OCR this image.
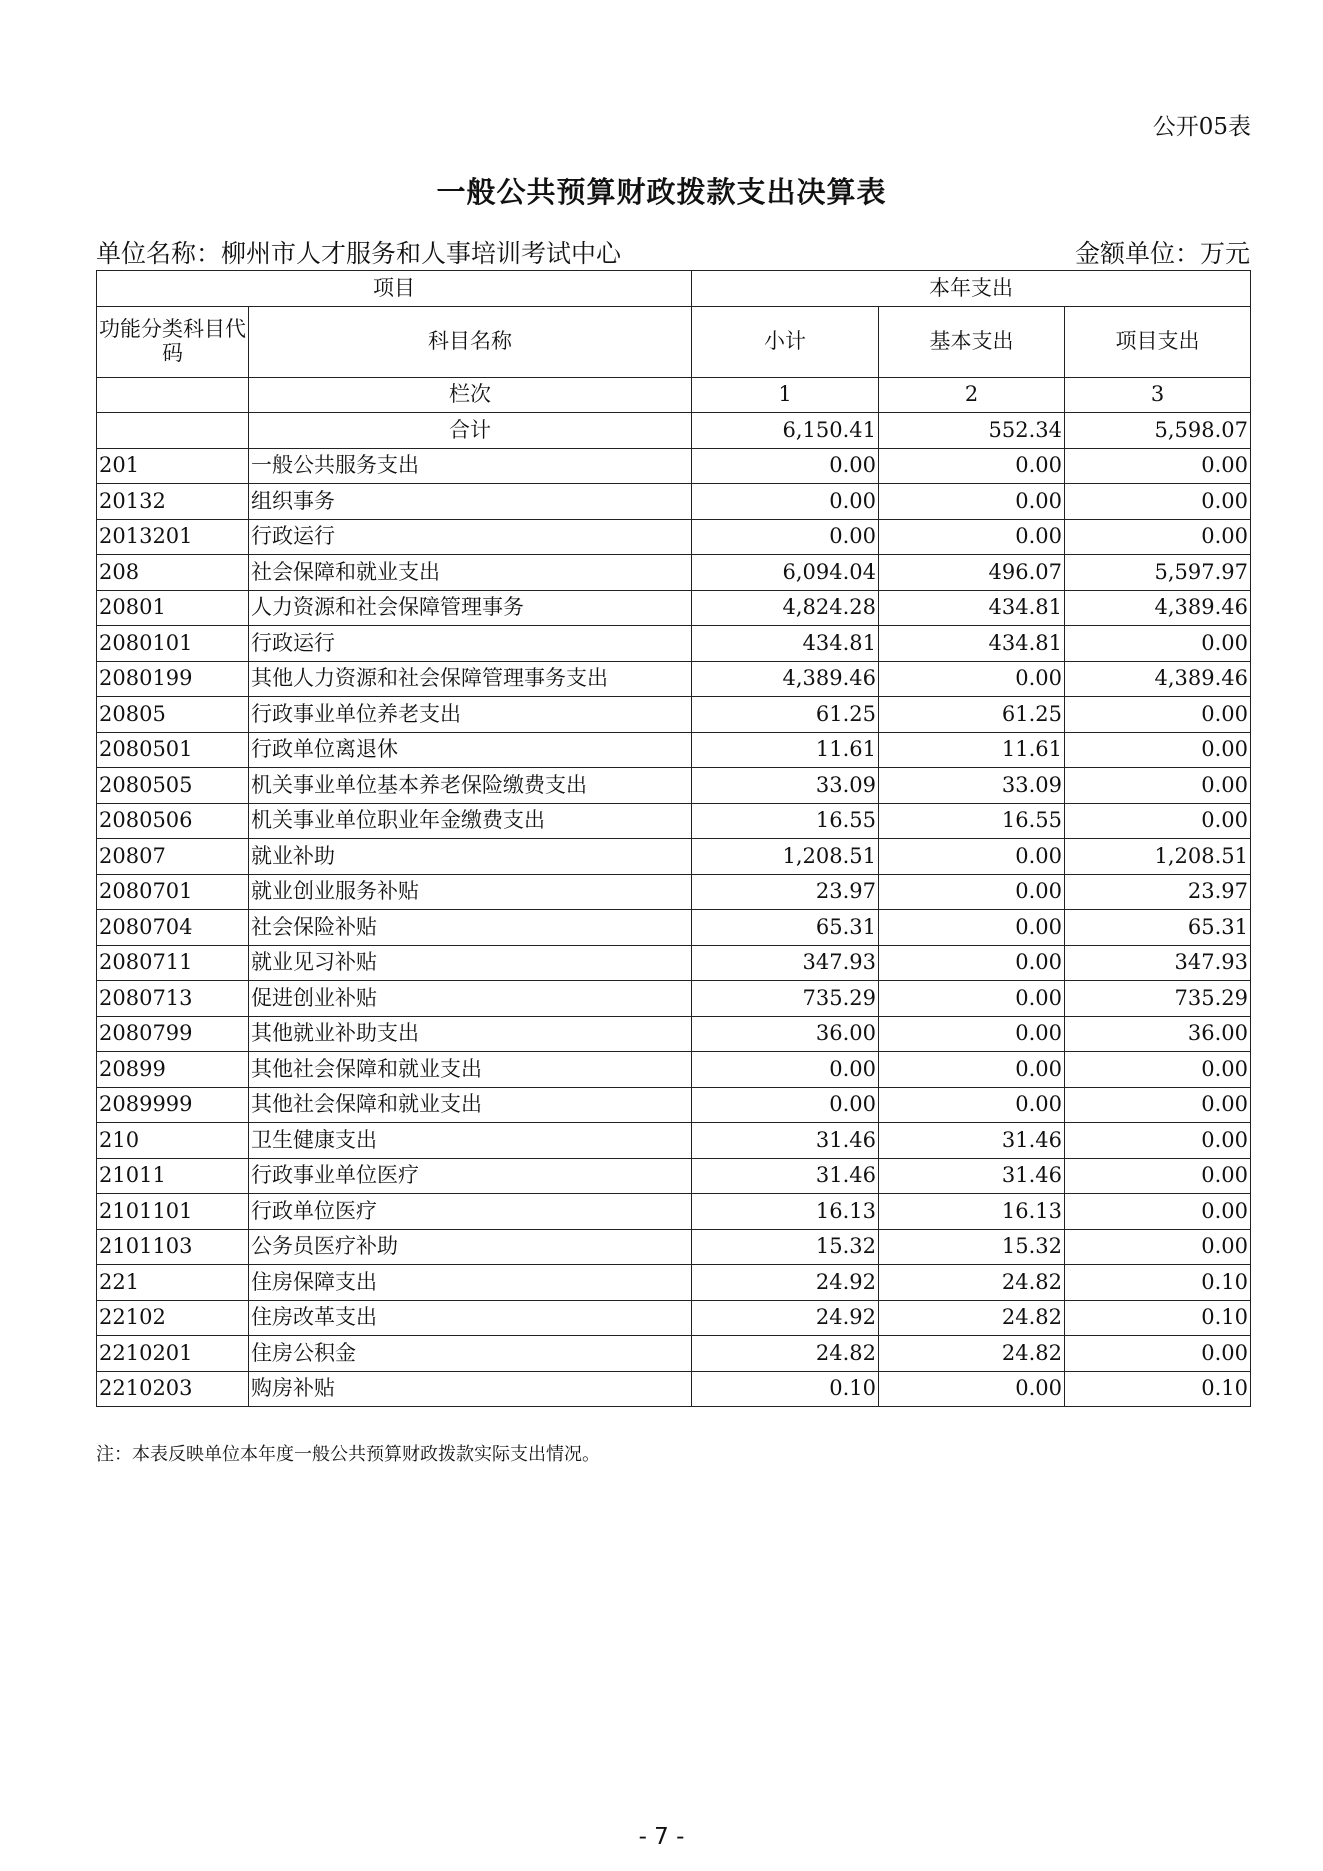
公开05表
一般公共预算财政拨款支出决算表
单位名称：柳州市人才服务和人事培训考试中心	金额单位：万元
项目		本年支出		
功能分类科目代码	科目名称	小计	基本支出	项目支出
	栏次	1	2	3
	合计	6,150.41	552.34	5,598.07
201	一般公共服务支出	0.00	0.00	0.00
20132	组织事务	0.00	0.00	0.00
2013201	行政运行	0.00	0.00	0.00
208	社会保障和就业支出	6,094.04	496.07	5,597.97
20801	人力资源和社会保障管理事务	4,824.28	434.81	4,389.46
2080101	行政运行	434.81	434.81	0.00
2080199	其他人力资源和社会保障管理事务支出	4,389.46	0.00	4,389.46
20805	行政事业单位养老支出	61.25	61.25	0.00
2080501	行政单位离退休	11.61	11.61	0.00
2080505	机关事业单位基本养老保险缴费支出	33.09	33.09	0.00
2080506	机关事业单位职业年金缴费支出	16.55	16.55	0.00
20807	就业补助	1,208.51	0.00	1,208.51
2080701	就业创业服务补贴	23.97	0.00	23.97
2080704	社会保险补贴	65.31	0.00	65.31
2080711	就业见习补贴	347.93	0.00	347.93
2080713	促进创业补贴	735.29	0.00	735.29
2080799	其他就业补助支出	36.00	0.00	36.00
20899	其他社会保障和就业支出	0.00	0.00	0.00
2089999	其他社会保障和就业支出	0.00	0.00	0.00
210	卫生健康支出	31.46	31.46	0.00
21011	行政事业单位医疗	31.46	31.46	0.00
2101101	行政单位医疗	16.13	16.13	0.00
2101103	公务员医疗补助	15.32	15.32	0.00
221	住房保障支出	24.92	24.82	0.10
22102	住房改革支出	24.92	24.82	0.10
2210201	住房公积金	24.82	24.82	0.00
2210203	购房补贴	0.10	0.00	0.10
注：本表反映单位本年度一般公共预算财政拨款实际支出情况。
- 7 -
